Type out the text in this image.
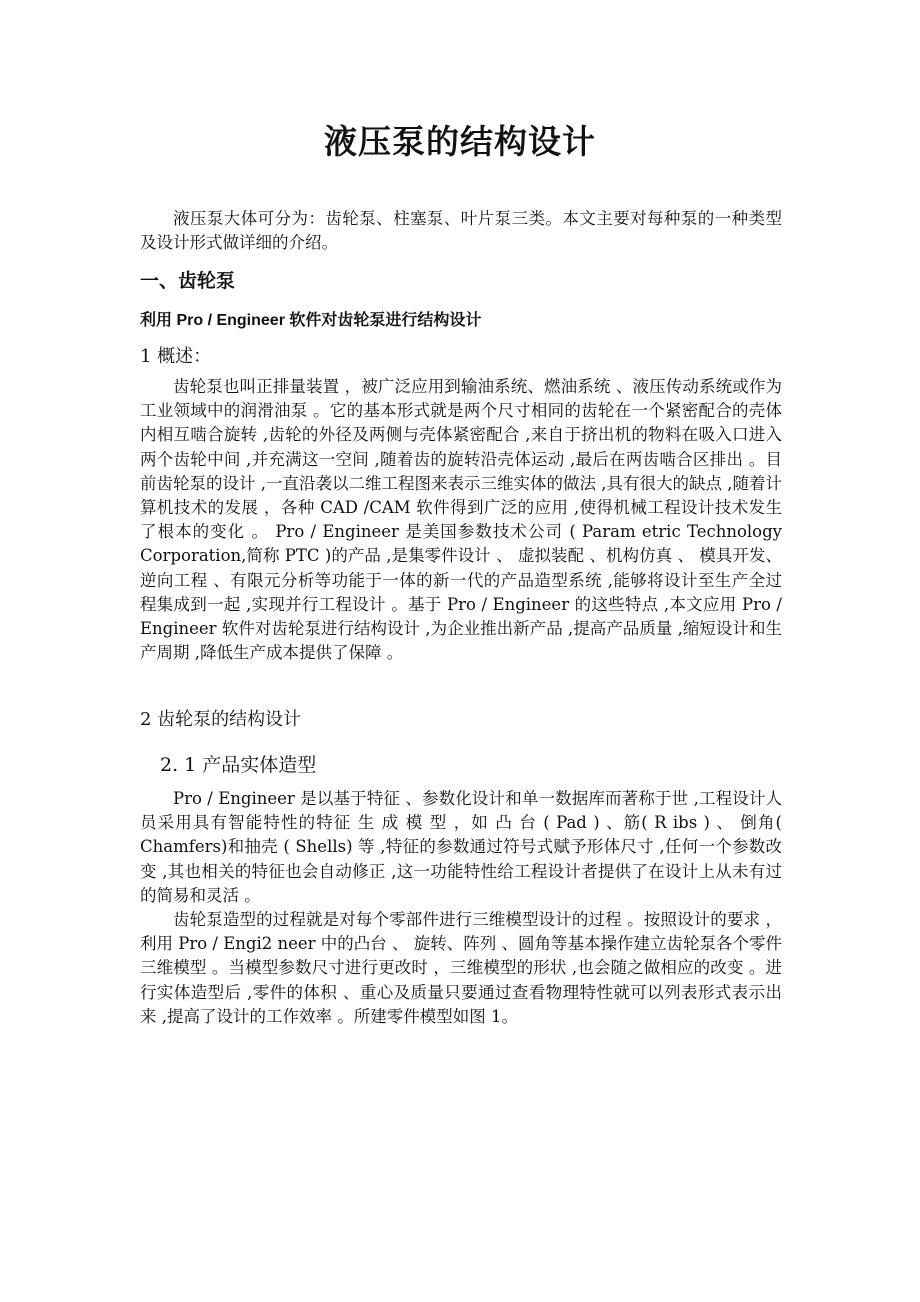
液压泵的结构设计

液压泵大体可分为：齿轮泵、柱塞泵、叶片泵三类。本文主要对每种泵的一种类型及设计形式做详细的介绍。

一、齿轮泵
利用 Pro / Engineer 软件对齿轮泵进行结构设计
1 概述：

齿轮泵也叫正排量装置 ，被广泛应用到输油系统、燃油系统 、液压传动系统或作为工业领域中的润滑油泵 。它的基本形式就是两个尺寸相同的齿轮在一个紧密配合的壳体内相互啮合旋转 ,齿轮的外径及两侧与壳体紧密配合 ,来自于挤出机的物料在吸入口进入两个齿轮中间 ,并充满这一空间 ,随着齿的旋转沿壳体运动 ,最后在两齿啮合区排出 。目前齿轮泵的设计 ,一直沿袭以二维工程图来表示三维实体的做法 ,具有很大的缺点 ,随着计算机技术的发展 ，各种 CAD /CAM 软件得到广泛的应用 ,使得机械工程设计技术发生了根本的变化 。 Pro / Engineer 是美国参数技术公司 ( Param etric Technology Corporation,简称 PTC )的产品 ,是集零件设计 、 虚拟装配 、机构仿真 、 模具开发、逆向工程 、有限元分析等功能于一体的新一代的产品造型系统 ,能够将设计至生产全过程集成到一起 ,实现并行工程设计 。基于 Pro / Engineer 的这些特点 ,本文应用 Pro / Engineer 软件对齿轮泵进行结构设计 ,为企业推出新产品 ,提高产品质量 ,缩短设计和生产周期 ,降低生产成本提供了保障 。

2 齿轮泵的结构设计
2. 1 产品实体造型

Pro / Engineer 是以基于特征 、参数化设计和单一数据库而著称于世 ,工程设计人员采用具有智能特性的特征 生 成 模 型 ，如 凸 台 ( Pad ) 、筋( R ibs ) 、 倒角( Chamfers)和抽壳 ( Shells) 等 ,特征的参数通过符号式赋予形体尺寸 ,任何一个参数改变 ,其也相关的特征也会自动修正 ,这一功能特性给工程设计者提供了在设计上从未有过的简易和灵活 。

齿轮泵造型的过程就是对每个零部件进行三维模型设计的过程 。按照设计的要求 ，利用 Pro / Engi2 neer 中的凸台 、 旋转、阵列 、圆角等基本操作建立齿轮泵各个零件三维模型 。当模型参数尺寸进行更改时 ，三维模型的形状 ,也会随之做相应的改变 。进行实体造型后 ,零件的体积 、重心及质量只要通过查看物理特性就可以列表形式表示出来 ,提高了设计的工作效率 。所建零件模型如图 1。
